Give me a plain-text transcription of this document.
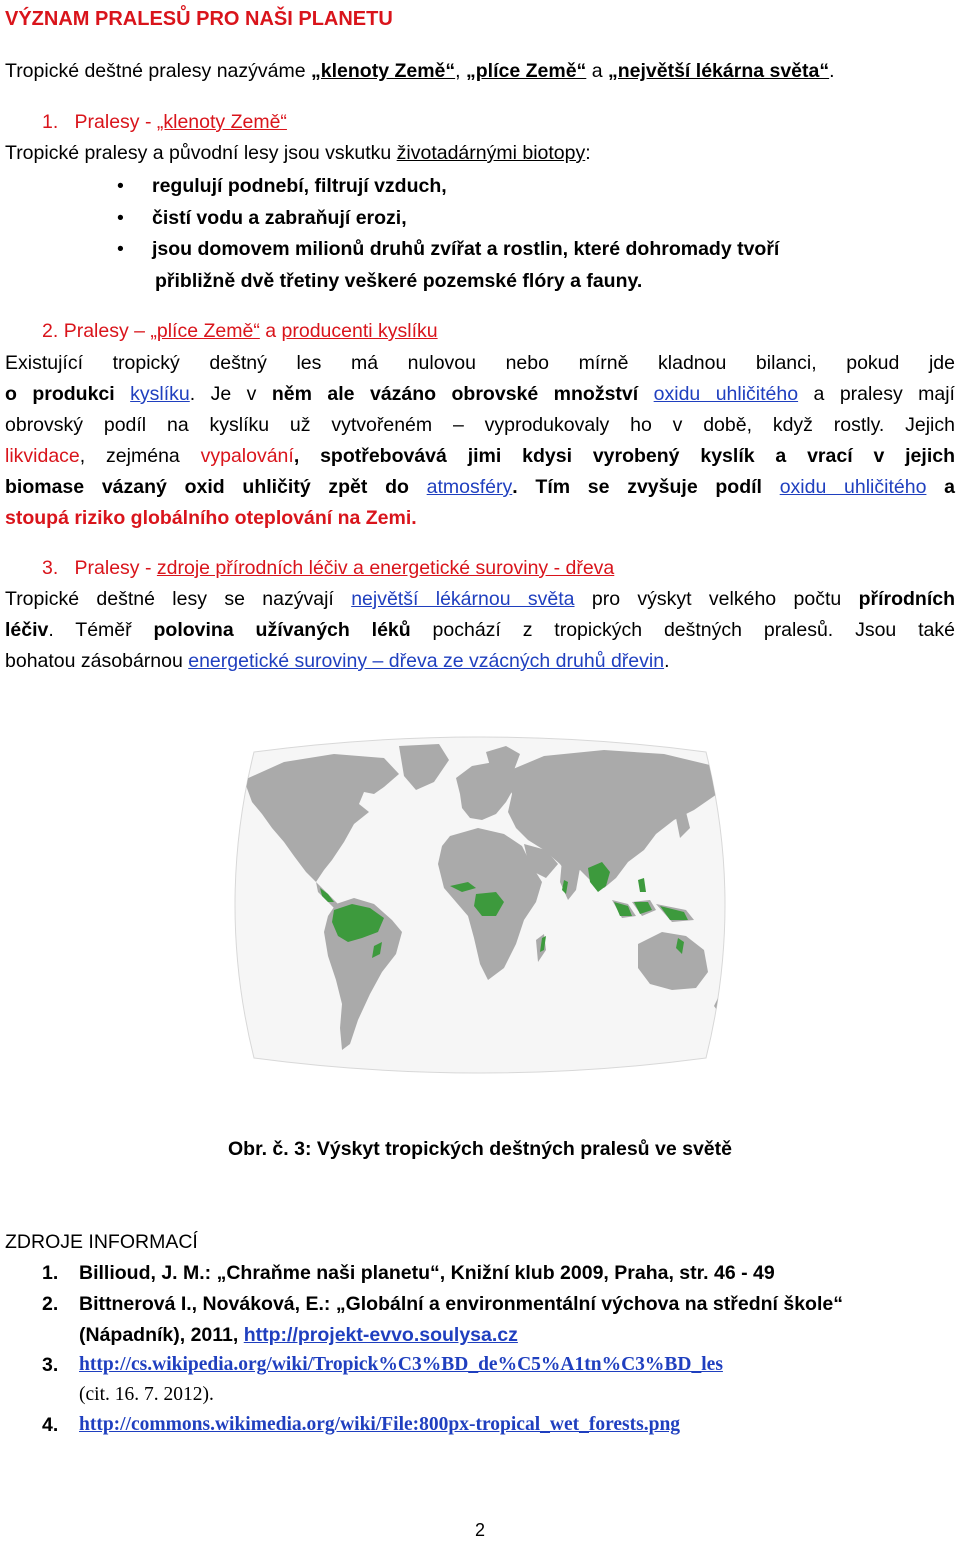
VÝZNAM PRALESŮ PRO NAŠI PLANETU
Tropické deštné pralesy nazýváme „klenoty Země“, „plíce Země“ a „největší lékárna světa“.
1. Pralesy - „klenoty Země“
Tropické pralesy a původní lesy jsou vskutku životadárnými biotopy:
• regulují podnebí, filtrují vzduch,
• čistí vodu a zabraňují erozi,
• jsou domovem milionů druhů zvířat a rostlin, které dohromady tvoří
přibližně dvě třetiny veškeré pozemské flóry a fauny.
2. Pralesy – „plíce Země“ a producenti kyslíku
Existující tropický deštný les má nulovou nebo mírně kladnou bilanci, pokud jde
o produkci kyslíku. Je v něm ale vázáno obrovské množství oxidu uhličitého a pralesy mají
obrovský podíl na kyslíku už vytvořeném – vyprodukovaly ho v době, když rostly. Jejich
likvidace, zejména vypalování, spotřebovává jimi kdysi vyrobený kyslík a vrací v jejich
biomase vázaný oxid uhličitý zpět do atmosféry. Tím se zvyšuje podíl oxidu uhličitého a
stoupá riziko globálního oteplování na Zemi.
3. Pralesy - zdroje přírodních léčiv a energetické suroviny - dřeva
Tropické deštné lesy se nazývají největší lékárnou světa pro výskyt velkého počtu přírodních
léčiv. Téměř polovina užívaných léků pochází z tropických deštných pralesů. Jsou také
bohatou zásobárnou energetické suroviny – dřeva ze vzácných druhů dřevin.
Obr. č. 3: Výskyt tropických deštných pralesů ve světě
ZDROJE INFORMACÍ
1. Billioud, J. M.: „Chraňme naši planetu“, Knižní klub 2009, Praha, str. 46 - 49
2. Bittnerová I., Nováková, E.: „Globální a environmentální výchova na střední škole“
(Nápadník), 2011, http://projekt-evvo.soulysa.cz
3. http://cs.wikipedia.org/wiki/Tropick%C3%BD_de%C5%A1tn%C3%BD_les
(cit. 16. 7. 2012).
4. http://commons.wikimedia.org/wiki/File:800px-tropical_wet_forests.png
2
